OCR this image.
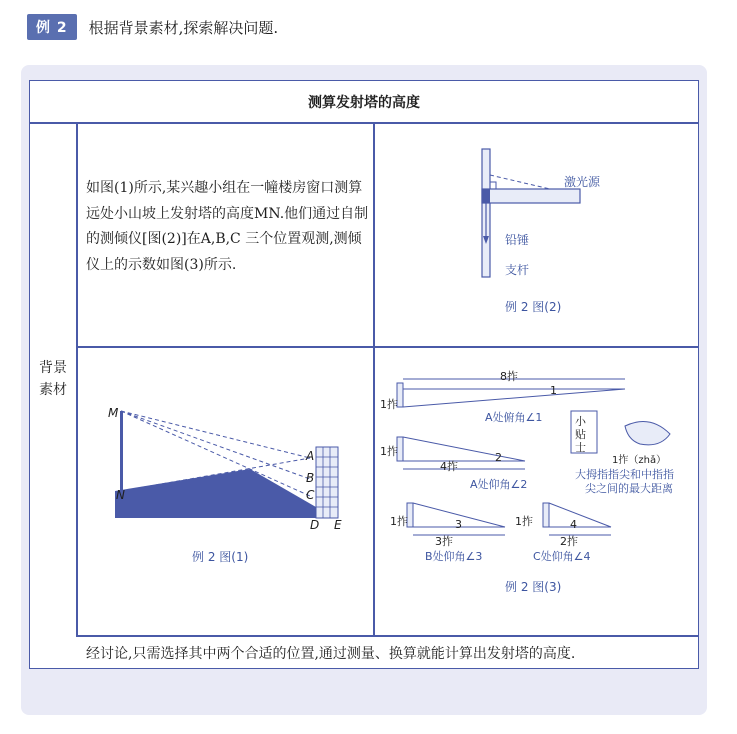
例 2	根据背景素材,探索解决问题.
测算发射塔的高度
背景
素材
如图(1)所示,某兴趣小组在一幢楼房窗口测算远处小山坡上发射塔的高度MN.他们通过自制的测倾仪[图(2)]在A,B,C 三个位置观测,测倾仪上的示数如图(3)所示.
经讨论,只需选择其中两个合适的位置,通过测量、换算就能计算出发射塔的高度.
激光源
铅锤
支杆
例 2 图(2)
M
N
A
B
C
D E
例 2 图(1)
8拃
1拃
1
A处俯角∠1
1拃
4拃
2
A处仰角∠2
1拃
3拃
3
B处仰角∠3
1拃
2拃
4
C处仰角∠4
小
贴
士
1拃（zhǎ）
大拇指指尖和中指指
尖之间的最大距离
例 2 图(3)
